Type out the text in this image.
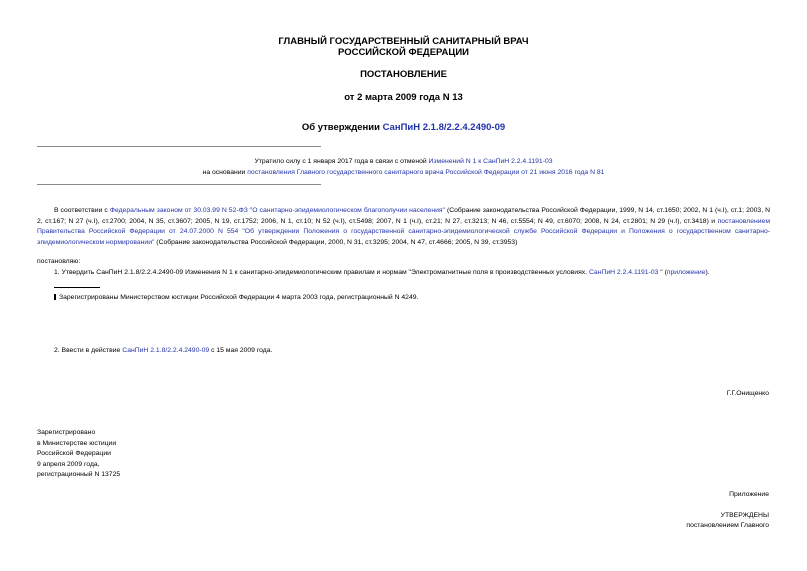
ГЛАВНЫЙ ГОСУДАРСТВЕННЫЙ САНИТАРНЫЙ ВРАЧ
РОССИЙСКОЙ ФЕДЕРАЦИИ
ПОСТАНОВЛЕНИЕ
от 2 марта 2009 года N 13
Об утверждении СанПиН 2.1.8/2.2.4.2490-09
Утратило силу с 1 января 2017 года в связи с отменой Изменений N 1 к СанПиН 2.2.4.1191-03
на основании постановления Главного государственного санитарного врача Российской Федерации от 21 июня 2016 года N 81
В соответствии с Федеральным законом от 30.03.99 N 52-ФЗ "О санитарно-эпидемиологическом благополучии населения" (Собрание законодательства Российской Федерации, 1999, N 14, ст.1650; 2002, N 1 (ч.I), ст.1; 2003, N 2, ст.167; N 27 (ч.I), ст.2700; 2004, N 35, ст.3607; 2005, N 19, ст.1752; 2006, N 1, ст.10; N 52 (ч.I), ст.5498; 2007, N 1 (ч.I), ст.21; N 27, ст.3213; N 46, ст.5554; N 49, ст.6070; 2008, N 24, ст.2801; N 29 (ч.I), ст.3418) и постановлением Правительства Российской Федерации от 24.07.2000 N 554 "Об утверждении Положения о государственной санитарно-эпидемиологической службе Российской Федерации и Положения о государственном санитарно-эпидемиологическом нормировании" (Собрание законодательства Российской Федерации, 2000, N 31, ст.3295; 2004, N 47, ст.4666; 2005, N 39, ст.3953)
постановляю:
1. Утвердить СанПиН 2.1.8/2.2.4.2490-09 Изменения N 1 к санитарно-эпидемиологическим правилам и нормам "Электромагнитные поля в производственных условиях. СанПиН 2.2.4.1191-03 " (приложение).
Зарегистрированы Министерством юстиции Российской Федерации 4 марта 2003 года, регистрационный N 4249.
2. Ввести в действие СанПиН 2.1.8/2.2.4.2490-09 с 15 мая 2009 года.
Г.Г.Онищенко
Зарегистрировано
в Министерстве юстиции
Российской Федерации
9 апреля 2009 года,
регистрационный N 13725
Приложение
УТВЕРЖДЕНЫ
постановлением Главного
